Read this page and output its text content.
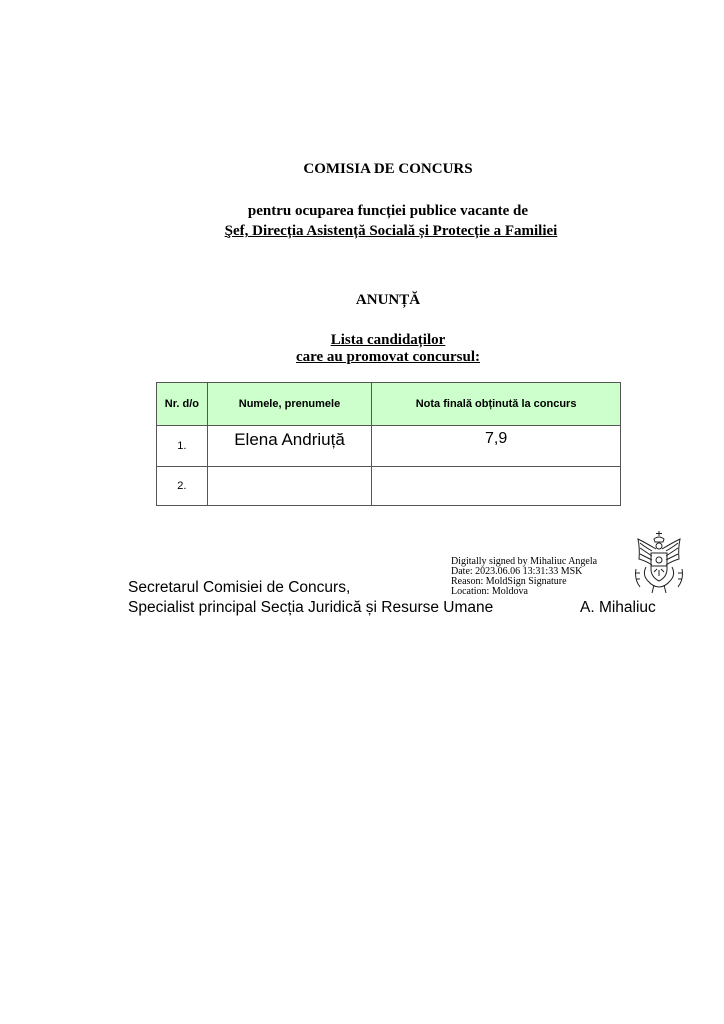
COMISIA DE CONCURS
pentru ocuparea funcției publice vacante de
Şef, Direcția Asistență Socială și Protecție a Familiei
ANUNȚĂ
Lista candidaților
care au promovat concursul:
Nr. d/o	Numele, prenumele	Nota finală obținută la concurs
1.	Elena Andriuță	7,9
2.		
Digitally signed by Mihaliuc Angela
Date: 2023.06.06 13:31:33 MSK
Reason: MoldSign Signature
Location: Moldova
Secretarul Comisiei de Concurs,
Specialist principal Secția Juridică și Resurse Umane	A. Mihaliuc
